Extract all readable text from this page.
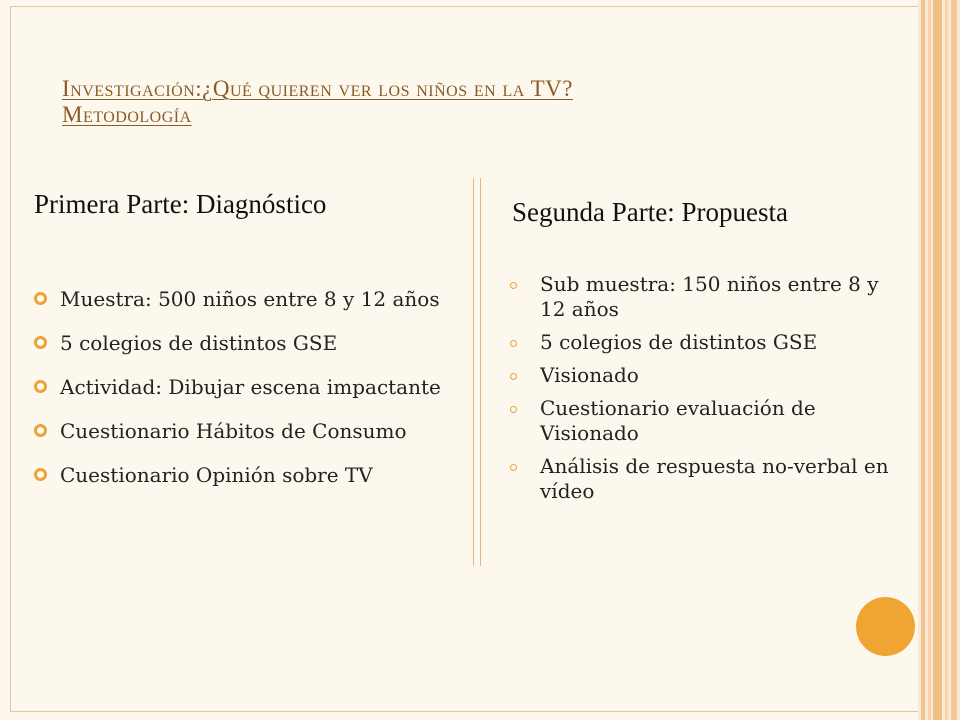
Investigación:¿Qué quieren ver los niños en la TV?
Metodología
Primera Parte: Diagnóstico
Muestra: 500 niños entre 8 y 12 años
5 colegios de distintos GSE
Actividad: Dibujar escena impactante
Cuestionario Hábitos de Consumo
Cuestionario Opinión sobre TV
Segunda Parte: Propuesta
Sub muestra: 150 niños entre 8 y 12 años
5 colegios de distintos GSE
Visionado
Cuestionario evaluación de Visionado
Análisis de respuesta no-verbal en vídeo
